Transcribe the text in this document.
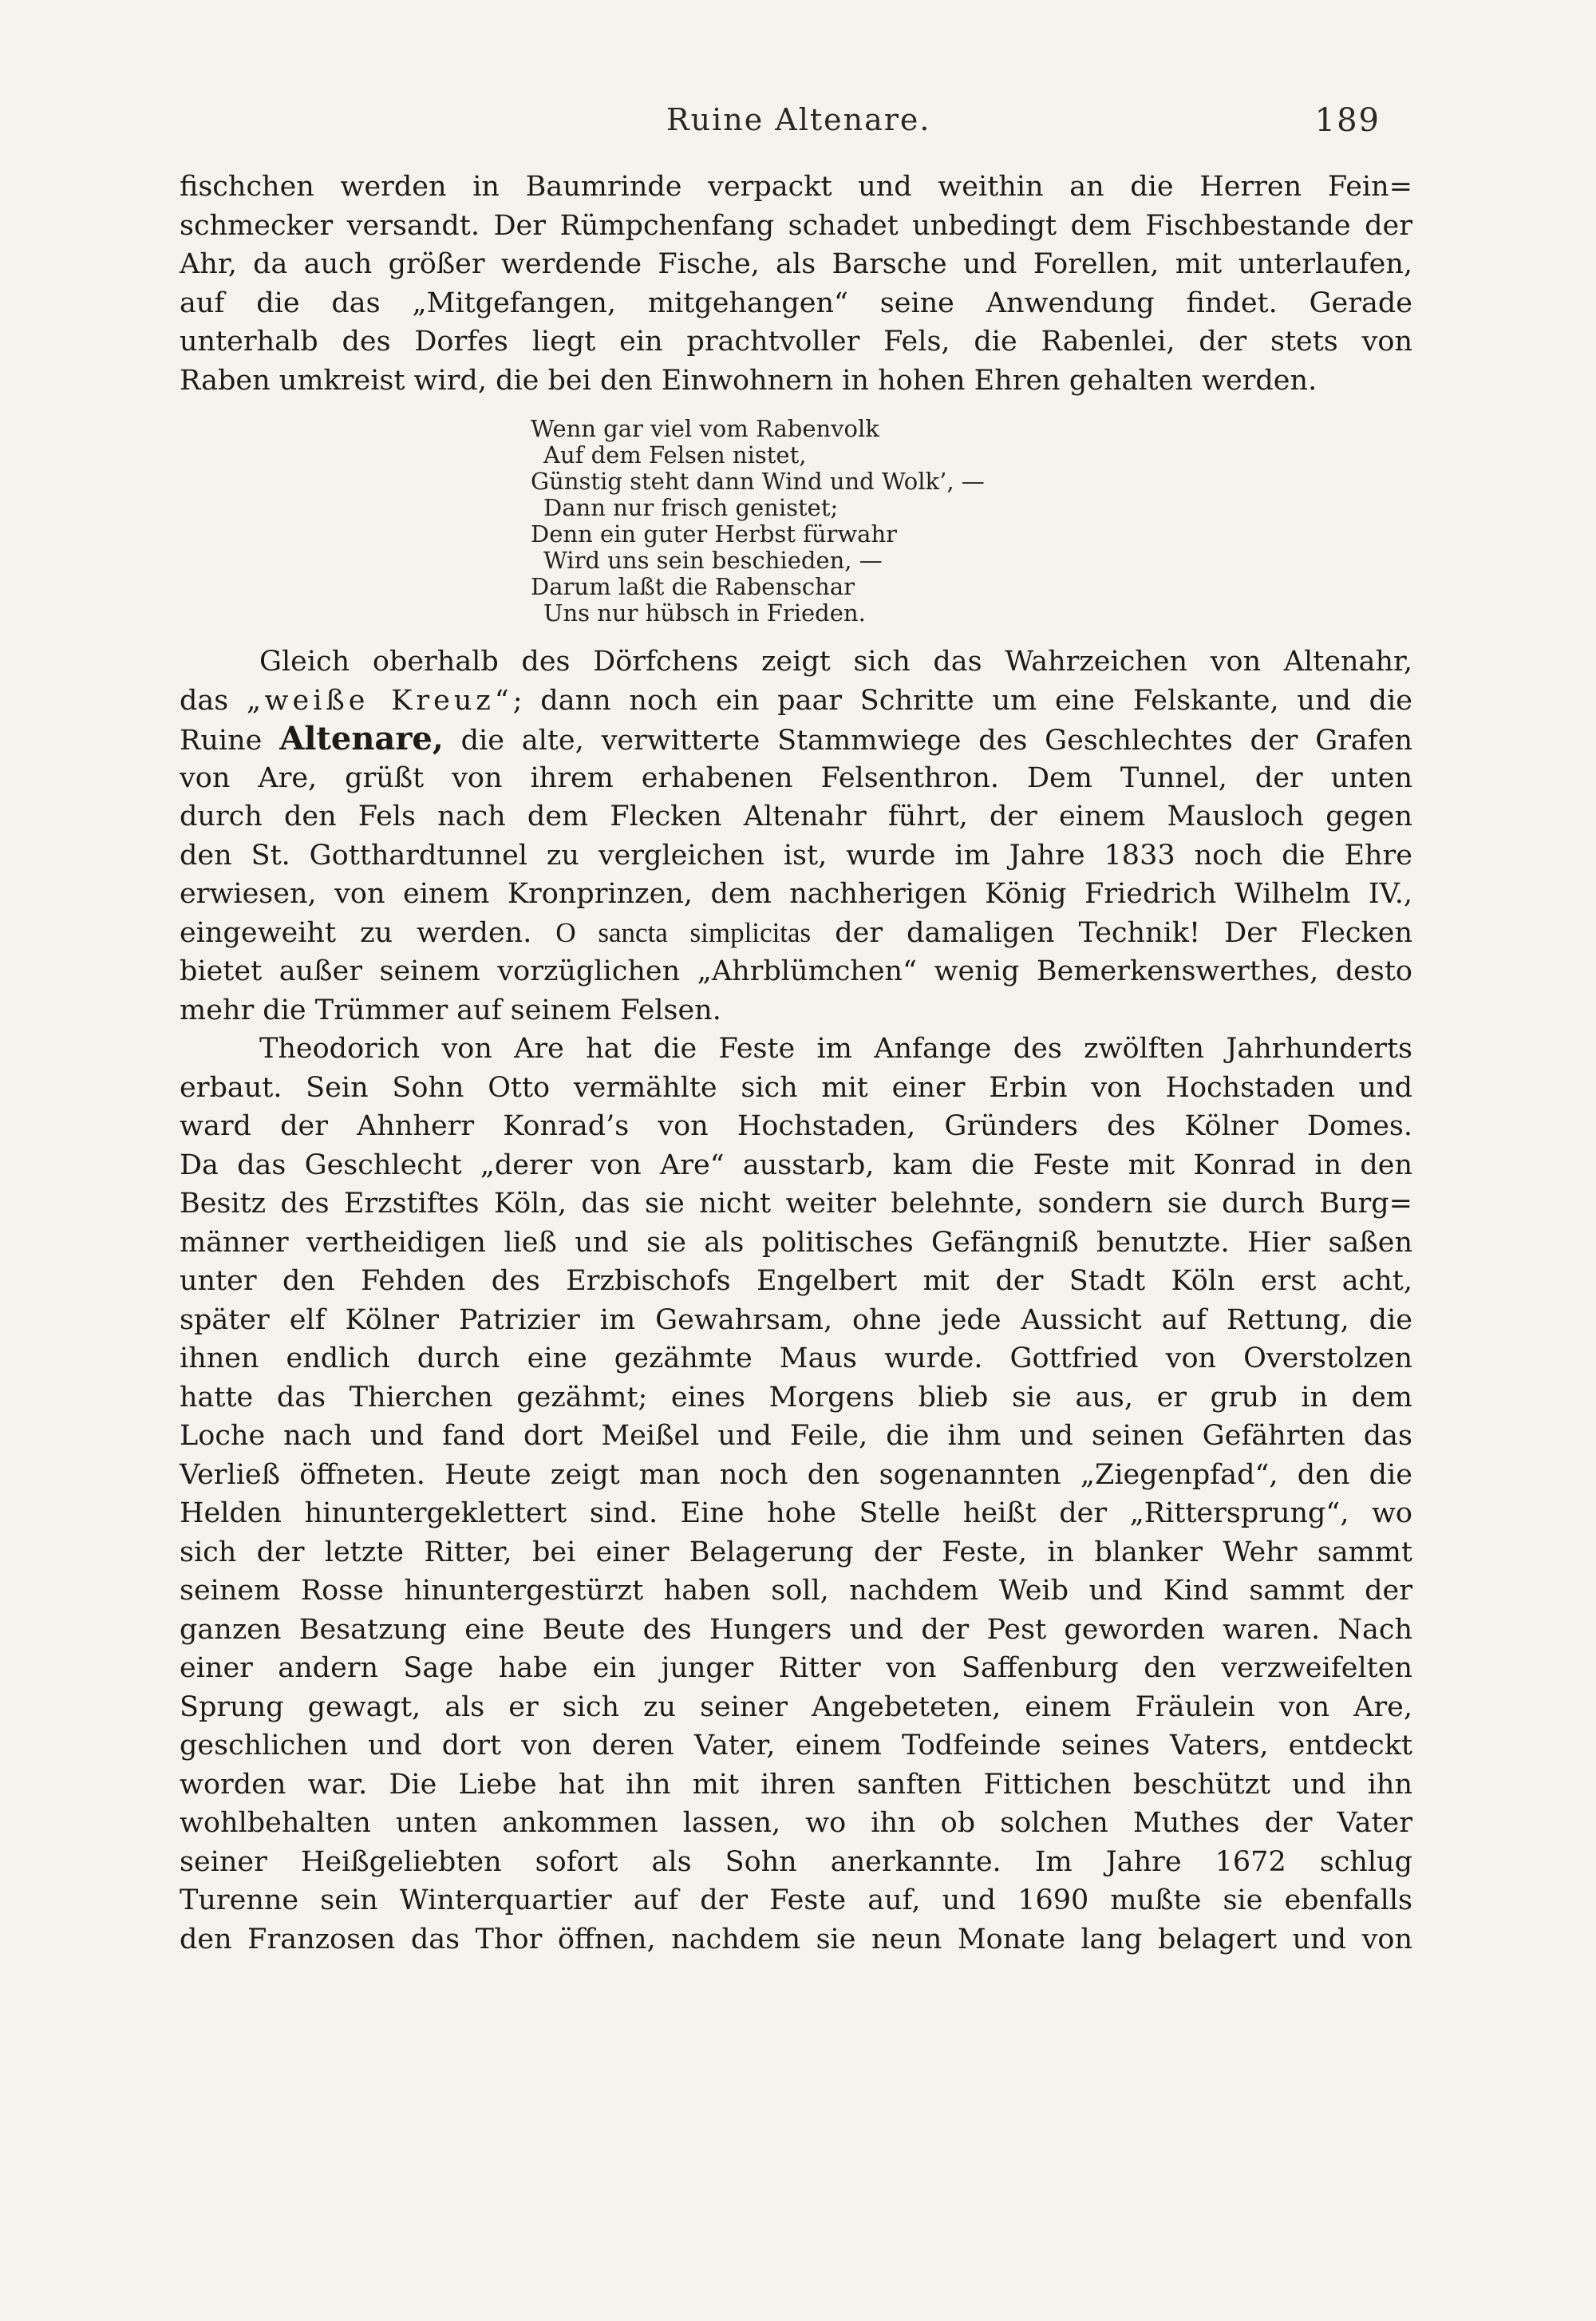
Ruine Altenare.	189
fischchen werden in Baumrinde verpackt und weithin an die Herren Fein=
schmecker versandt. Der Rümpchenfang schadet unbedingt dem Fischbestande der
Ahr, da auch größer werdende Fische, als Barsche und Forellen, mit unterlaufen,
auf die das „Mitgefangen, mitgehangen“ seine Anwendung findet. Gerade
unterhalb des Dorfes liegt ein prachtvoller Fels, die Rabenlei, der stets von
Raben umkreist wird, die bei den Einwohnern in hohen Ehren gehalten werden.
Wenn gar viel vom Rabenvolk
Auf dem Felsen nistet,
Günstig steht dann Wind und Wolk’, —
Dann nur frisch genistet;
Denn ein guter Herbst fürwahr
Wird uns sein beschieden, —
Darum laßt die Rabenschar
Uns nur hübsch in Frieden.
Gleich oberhalb des Dörfchens zeigt sich das Wahrzeichen von Altenahr,
das „weiße Kreuz“; dann noch ein paar Schritte um eine Felskante, und die
Ruine Altenare, die alte, verwitterte Stammwiege des Geschlechtes der Grafen
von Are, grüßt von ihrem erhabenen Felsenthron. Dem Tunnel, der unten
durch den Fels nach dem Flecken Altenahr führt, der einem Mausloch gegen
den St. Gotthardtunnel zu vergleichen ist, wurde im Jahre 1833 noch die Ehre
erwiesen, von einem Kronprinzen, dem nachherigen König Friedrich Wilhelm IV.,
eingeweiht zu werden. O sancta simplicitas der damaligen Technik! Der Flecken
bietet außer seinem vorzüglichen „Ahrblümchen“ wenig Bemerkenswerthes, desto
mehr die Trümmer auf seinem Felsen.
Theodorich von Are hat die Feste im Anfange des zwölften Jahrhunderts
erbaut. Sein Sohn Otto vermählte sich mit einer Erbin von Hochstaden und
ward der Ahnherr Konrad’s von Hochstaden, Gründers des Kölner Domes.
Da das Geschlecht „derer von Are“ ausstarb, kam die Feste mit Konrad in den
Besitz des Erzstiftes Köln, das sie nicht weiter belehnte, sondern sie durch Burg=
männer vertheidigen ließ und sie als politisches Gefängniß benutzte. Hier saßen
unter den Fehden des Erzbischofs Engelbert mit der Stadt Köln erst acht,
später elf Kölner Patrizier im Gewahrsam, ohne jede Aussicht auf Rettung, die
ihnen endlich durch eine gezähmte Maus wurde. Gottfried von Overstolzen
hatte das Thierchen gezähmt; eines Morgens blieb sie aus, er grub in dem
Loche nach und fand dort Meißel und Feile, die ihm und seinen Gefährten das
Verließ öffneten. Heute zeigt man noch den sogenannten „Ziegenpfad“, den die
Helden hinuntergeklettert sind. Eine hohe Stelle heißt der „Rittersprung“, wo
sich der letzte Ritter, bei einer Belagerung der Feste, in blanker Wehr sammt
seinem Rosse hinuntergestürzt haben soll, nachdem Weib und Kind sammt der
ganzen Besatzung eine Beute des Hungers und der Pest geworden waren. Nach
einer andern Sage habe ein junger Ritter von Saffenburg den verzweifelten
Sprung gewagt, als er sich zu seiner Angebeteten, einem Fräulein von Are,
geschlichen und dort von deren Vater, einem Todfeinde seines Vaters, entdeckt
worden war. Die Liebe hat ihn mit ihren sanften Fittichen beschützt und ihn
wohlbehalten unten ankommen lassen, wo ihn ob solchen Muthes der Vater
seiner Heißgeliebten sofort als Sohn anerkannte. Im Jahre 1672 schlug
Turenne sein Winterquartier auf der Feste auf, und 1690 mußte sie ebenfalls
den Franzosen das Thor öffnen, nachdem sie neun Monate lang belagert und von
